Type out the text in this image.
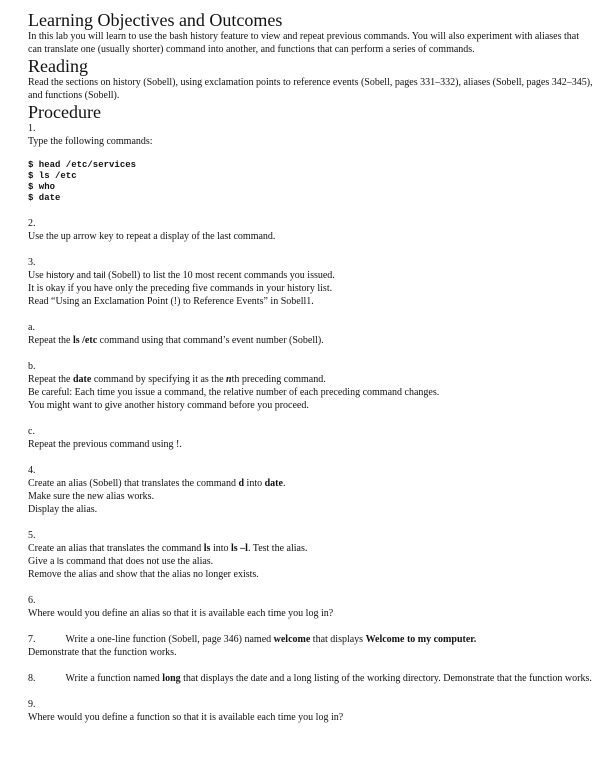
Learning Objectives and Outcomes

In this lab you will learn to use the bash history feature to view and repeat previous commands. You will also experiment with aliases that can translate one (usually shorter) command into another, and functions that can perform a series of commands.

Reading

Read the sections on history (Sobell), using exclamation points to reference events (Sobell, pages 331–332), aliases (Sobell, pages 342–345), and functions (Sobell).

Procedure

1.

Type the following commands:

$ head /etc/services
$ ls /etc
$ who
$ date

2.

Use the up arrow key to repeat a display of the last command.

3.

Use history and tail (Sobell) to list the 10 most recent commands you issued.

It is okay if you have only the preceding five commands in your history list.

Read “Using an Exclamation Point (!) to Reference Events” in Sobell1.

a.

Repeat the ls /etc command using that command’s event number (Sobell).

b.

Repeat the date command by specifying it as the nth preceding command.

Be careful: Each time you issue a command, the relative number of each preceding command changes.

You might want to give another history command before you proceed.

c.

Repeat the previous command using !.

4.

Create an alias (Sobell) that translates the command d into date.

Make sure the new alias works.

Display the alias.

5.

Create an alias that translates the command ls into ls –l. Test the alias.

Give a ls command that does not use the alias.

Remove the alias and show that the alias no longer exists.

6.

Where would you define an alias so that it is available each time you log in?

7.	Write a one-line function (Sobell, page 346) named welcome that displays Welcome to my computer.

Demonstrate that the function works.

8.	Write a function named long that displays the date and a long listing of the working directory. Demonstrate that the function works.

9.

Where would you define a function so that it is available each time you log in?
